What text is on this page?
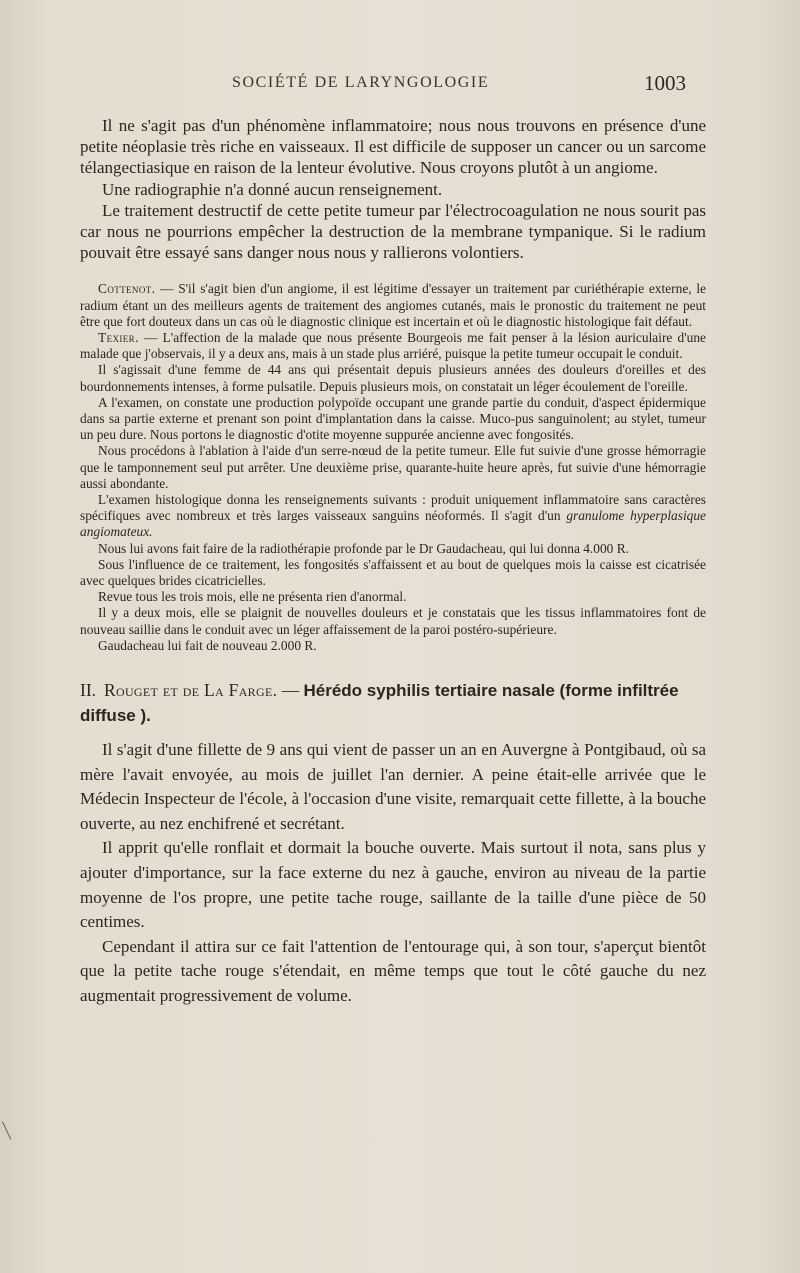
SOCIÉTÉ DE LARYNGOLOGIE	1003

Il ne s'agit pas d'un phénomène inflammatoire; nous nous trouvons en présence d'une petite néoplasie très riche en vaisseaux. Il est difficile de supposer un cancer ou un sarcome télangectiasique en raison de la lenteur évolutive. Nous croyons plutôt à un angiome.

Une radiographie n'a donné aucun renseignement.

Le traitement destructif de cette petite tumeur par l'électrocoagulation ne nous sourit pas car nous ne pourrions empêcher la destruction de la membrane tympanique. Si le radium pouvait être essayé sans danger nous nous y rallierons volontiers.

Cottenot. — S'il s'agit bien d'un angiome, il est légitime d'essayer un traitement par curiéthérapie externe, le radium étant un des meilleurs agents de traitement des angiomes cutanés, mais le pronostic du traitement ne peut être que fort douteux dans un cas où le diagnostic clinique est incertain et où le diagnostic histologique fait défaut.

Texier. — L'affection de la malade que nous présente Bourgeois me fait penser à la lésion auriculaire d'une malade que j'observais, il y a deux ans, mais à un stade plus arriéré, puisque la petite tumeur occupait le conduit.

Il s'agissait d'une femme de 44 ans qui présentait depuis plusieurs années des douleurs d'oreilles et des bourdonnements intenses, à forme pulsatile. Depuis plusieurs mois, on constatait un léger écoulement de l'oreille.

A l'examen, on constate une production polypoïde occupant une grande partie du conduit, d'aspect épidermique dans sa partie externe et prenant son point d'implantation dans la caisse. Muco-pus sanguinolent; au stylet, tumeur un peu dure. Nous portons le diagnostic d'otite moyenne suppurée ancienne avec fongosités.

Nous procédons à l'ablation à l'aide d'un serre-nœud de la petite tumeur. Elle fut suivie d'une grosse hémorragie que le tamponnement seul put arrêter. Une deuxième prise, quarante-huite heure après, fut suivie d'une hémorragie aussi abondante.

L'examen histologique donna les renseignements suivants : produit uniquement inflammatoire sans caractères spécifiques avec nombreux et très larges vaisseaux sanguins néoformés. Il s'agit d'un granulome hyperplasique angiomateux.

Nous lui avons fait faire de la radiothérapie profonde par le Dr Gaudacheau, qui lui donna 4.000 R.

Sous l'influence de ce traitement, les fongosités s'affaissent et au bout de quelques mois la caisse est cicatrisée avec quelques brides cicatricielles.

Revue tous les trois mois, elle ne présenta rien d'anormal.

Il y a deux mois, elle se plaignit de nouvelles douleurs et je constatais que les tissus inflammatoires font de nouveau saillie dans le conduit avec un léger affaissement de la paroi postéro-supérieure.

Gaudacheau lui fait de nouveau 2.000 R.

II. Rouget et de La Farge. — Hérédo syphilis tertiaire nasale (forme infiltrée diffuse ).

Il s'agit d'une fillette de 9 ans qui vient de passer un an en Auvergne à Pontgibaud, où sa mère l'avait envoyée, au mois de juillet l'an dernier. A peine était-elle arrivée que le Médecin Inspecteur de l'école, à l'occasion d'une visite, remarquait cette fillette, à la bouche ouverte, au nez enchifrené et secrétant.

Il apprit qu'elle ronflait et dormait la bouche ouverte. Mais surtout il nota, sans plus y ajouter d'importance, sur la face externe du nez à gauche, environ au niveau de la partie moyenne de l'os propre, une petite tache rouge, saillante de la taille d'une pièce de 50 centimes.

Cependant il attira sur ce fait l'attention de l'entourage qui, à son tour, s'aperçut bientôt que la petite tache rouge s'étendait, en même temps que tout le côté gauche du nez augmentait progressivement de volume.
